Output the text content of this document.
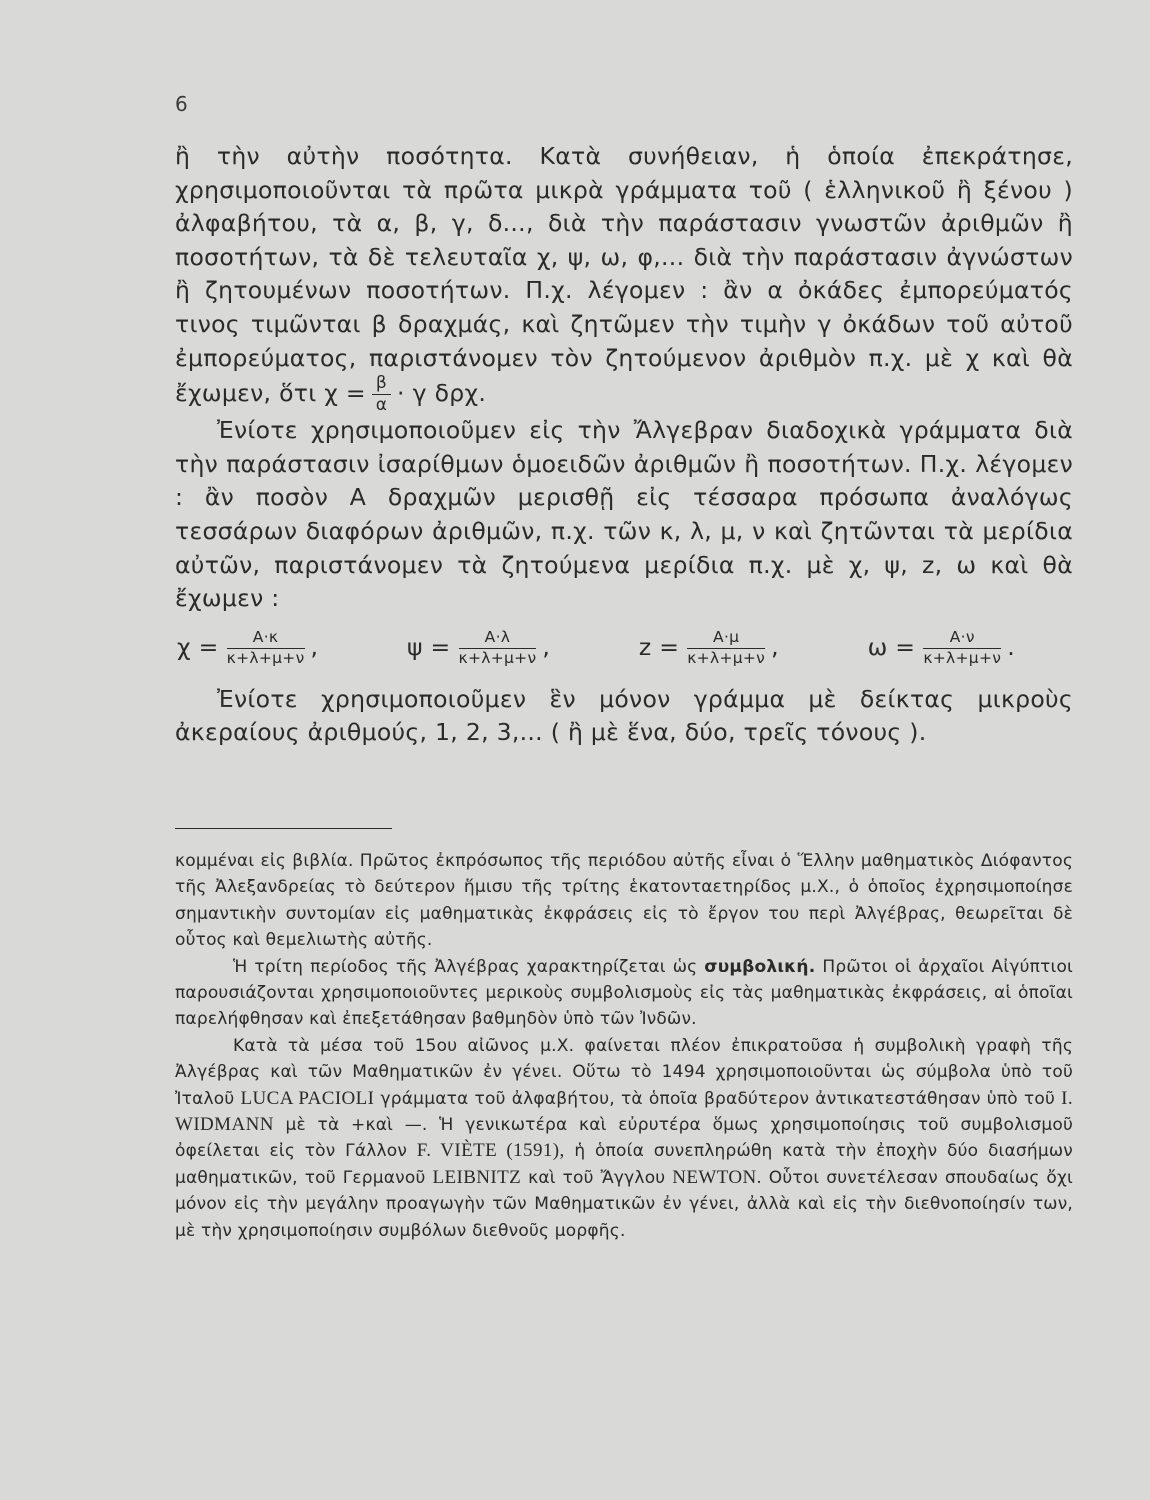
6

ἢ τὴν αὐτὴν ποσότητα. Κατὰ συνήθειαν, ἡ ὁποία ἐπεκράτησε, χρησιμοποιοῦνται τὰ πρῶτα μικρὰ γράμματα τοῦ ( ἑλληνικοῦ ἢ ξένου ) ἀλφαβήτου, τὰ α, β, γ, δ..., διὰ τὴν παράστασιν γνωστῶν ἀριθμῶν ἢ ποσοτήτων, τὰ δὲ τελευταῖα χ, ψ, ω, φ,... διὰ τὴν παράστασιν ἀγνώστων ἢ ζητουμένων ποσοτήτων. Π.χ. λέγομεν : ἂν α ὀκάδες ἐμπορεύματός τινος τιμῶνται β δραχμάς, καὶ ζητῶμεν τὴν τιμὴν γ ὀκάδων τοῦ αὐτοῦ ἐμπορεύματος, παριστάνομεν τὸν ζητούμενον ἀριθμὸν π.χ. μὲ χ καὶ θὰ ἔχωμεν, ὅτι $\chi = \frac{\beta}{\alpha} \cdot \gamma$ δρχ.

Ἐνίοτε χρησιμοποιοῦμεν εἰς τὴν Ἄλγεβραν διαδοχικὰ γράμματα διὰ τὴν παράστασιν ἰσαρίθμων ὁμοειδῶν ἀριθμῶν ἢ ποσοτήτων. Π.χ. λέγομεν : ἂν ποσὸν Α δραχμῶν μερισθῇ εἰς τέσσαρα πρόσωπα ἀναλόγως τεσσάρων διαφόρων ἀριθμῶν, π.χ. τῶν κ, λ, μ, ν καὶ ζητῶνται τὰ μερίδια αὐτῶν, παριστάνομεν τὰ ζητούμενα μερίδια π.χ. μὲ χ, ψ, z, ω καὶ θὰ ἔχωμεν :

$\chi = \frac{A\cdot\kappa}{\kappa+\lambda+\mu+\nu}$ ,	$\psi = \frac{A\cdot\lambda}{\kappa+\lambda+\mu+\nu}$ ,	$z = \frac{A\cdot\mu}{\kappa+\lambda+\mu+\nu}$ ,	$\omega = \frac{A\cdot\nu}{\kappa+\lambda+\mu+\nu}$ .

Ἐνίοτε χρησιμοποιοῦμεν ἓν μόνον γράμμα μὲ δείκτας μικροὺς ἀκεραίους ἀριθμούς, 1, 2, 3,... ( ἢ μὲ ἕνα, δύο, τρεῖς τόνους ).

κομμέναι εἰς βιβλία. Πρῶτος ἐκπρόσωπος τῆς περιόδου αὐτῆς εἶναι ὁ Ἕλλην μαθηματικὸς Διόφαντος τῆς Ἀλεξανδρείας τὸ δεύτερον ἥμισυ τῆς τρίτης ἑκατονταετηρίδος μ.Χ., ὁ ὁποῖος ἐχρησιμοποίησε σημαντικὴν συντομίαν εἰς μαθηματικὰς ἐκφράσεις εἰς τὸ ἔργον του περὶ Ἀλγέβρας, θεωρεῖται δὲ οὗτος καὶ θεμελιωτὴς αὐτῆς.

Ἡ τρίτη περίοδος τῆς Ἀλγέβρας χαρακτηρίζεται ὡς συμβολική. Πρῶτοι οἱ ἀρχαῖοι Αἰγύπτιοι παρουσιάζονται χρησιμοποιοῦντες μερικοὺς συμβολισμοὺς εἰς τὰς μαθηματικὰς ἐκφράσεις, αἱ ὁποῖαι παρελήφθησαν καὶ ἐπεξετάθησαν βαθμηδὸν ὑπὸ τῶν Ἰνδῶν.

Κατὰ τὰ μέσα τοῦ 15ου αἰῶνος μ.Χ. φαίνεται πλέον ἐπικρατοῦσα ἡ συμβολικὴ γραφὴ τῆς Ἀλγέβρας καὶ τῶν Μαθηματικῶν ἐν γένει. Οὕτω τὸ 1494 χρησιμοποιοῦνται ὡς σύμβολα ὑπὸ τοῦ Ἰταλοῦ LUCA PACIOLI γράμματα τοῦ ἀλφαβήτου, τὰ ὁποῖα βραδύτερον ἀντικατεστάθησαν ὑπὸ τοῦ I. WIDMANN μὲ τὰ +καὶ —. Ἡ γενικωτέρα καὶ εὐρυτέρα ὅμως χρησιμοποίησις τοῦ συμβολισμοῦ ὀφείλεται εἰς τὸν Γάλλον F. VIÈTE (1591), ἡ ὁποία συνεπληρώθη κατὰ τὴν ἐποχὴν δύο διασήμων μαθηματικῶν, τοῦ Γερμανοῦ LEIBNITZ καὶ τοῦ Ἄγγλου NEWTON. Οὗτοι συνετέλεσαν σπουδαίως ὄχι μόνον εἰς τὴν μεγάλην προαγωγὴν τῶν Μαθηματικῶν ἐν γένει, ἀλλὰ καὶ εἰς τὴν διεθνοποίησίν των, μὲ τὴν χρησιμοποίησιν συμβόλων διεθνοῦς μορφῆς.
